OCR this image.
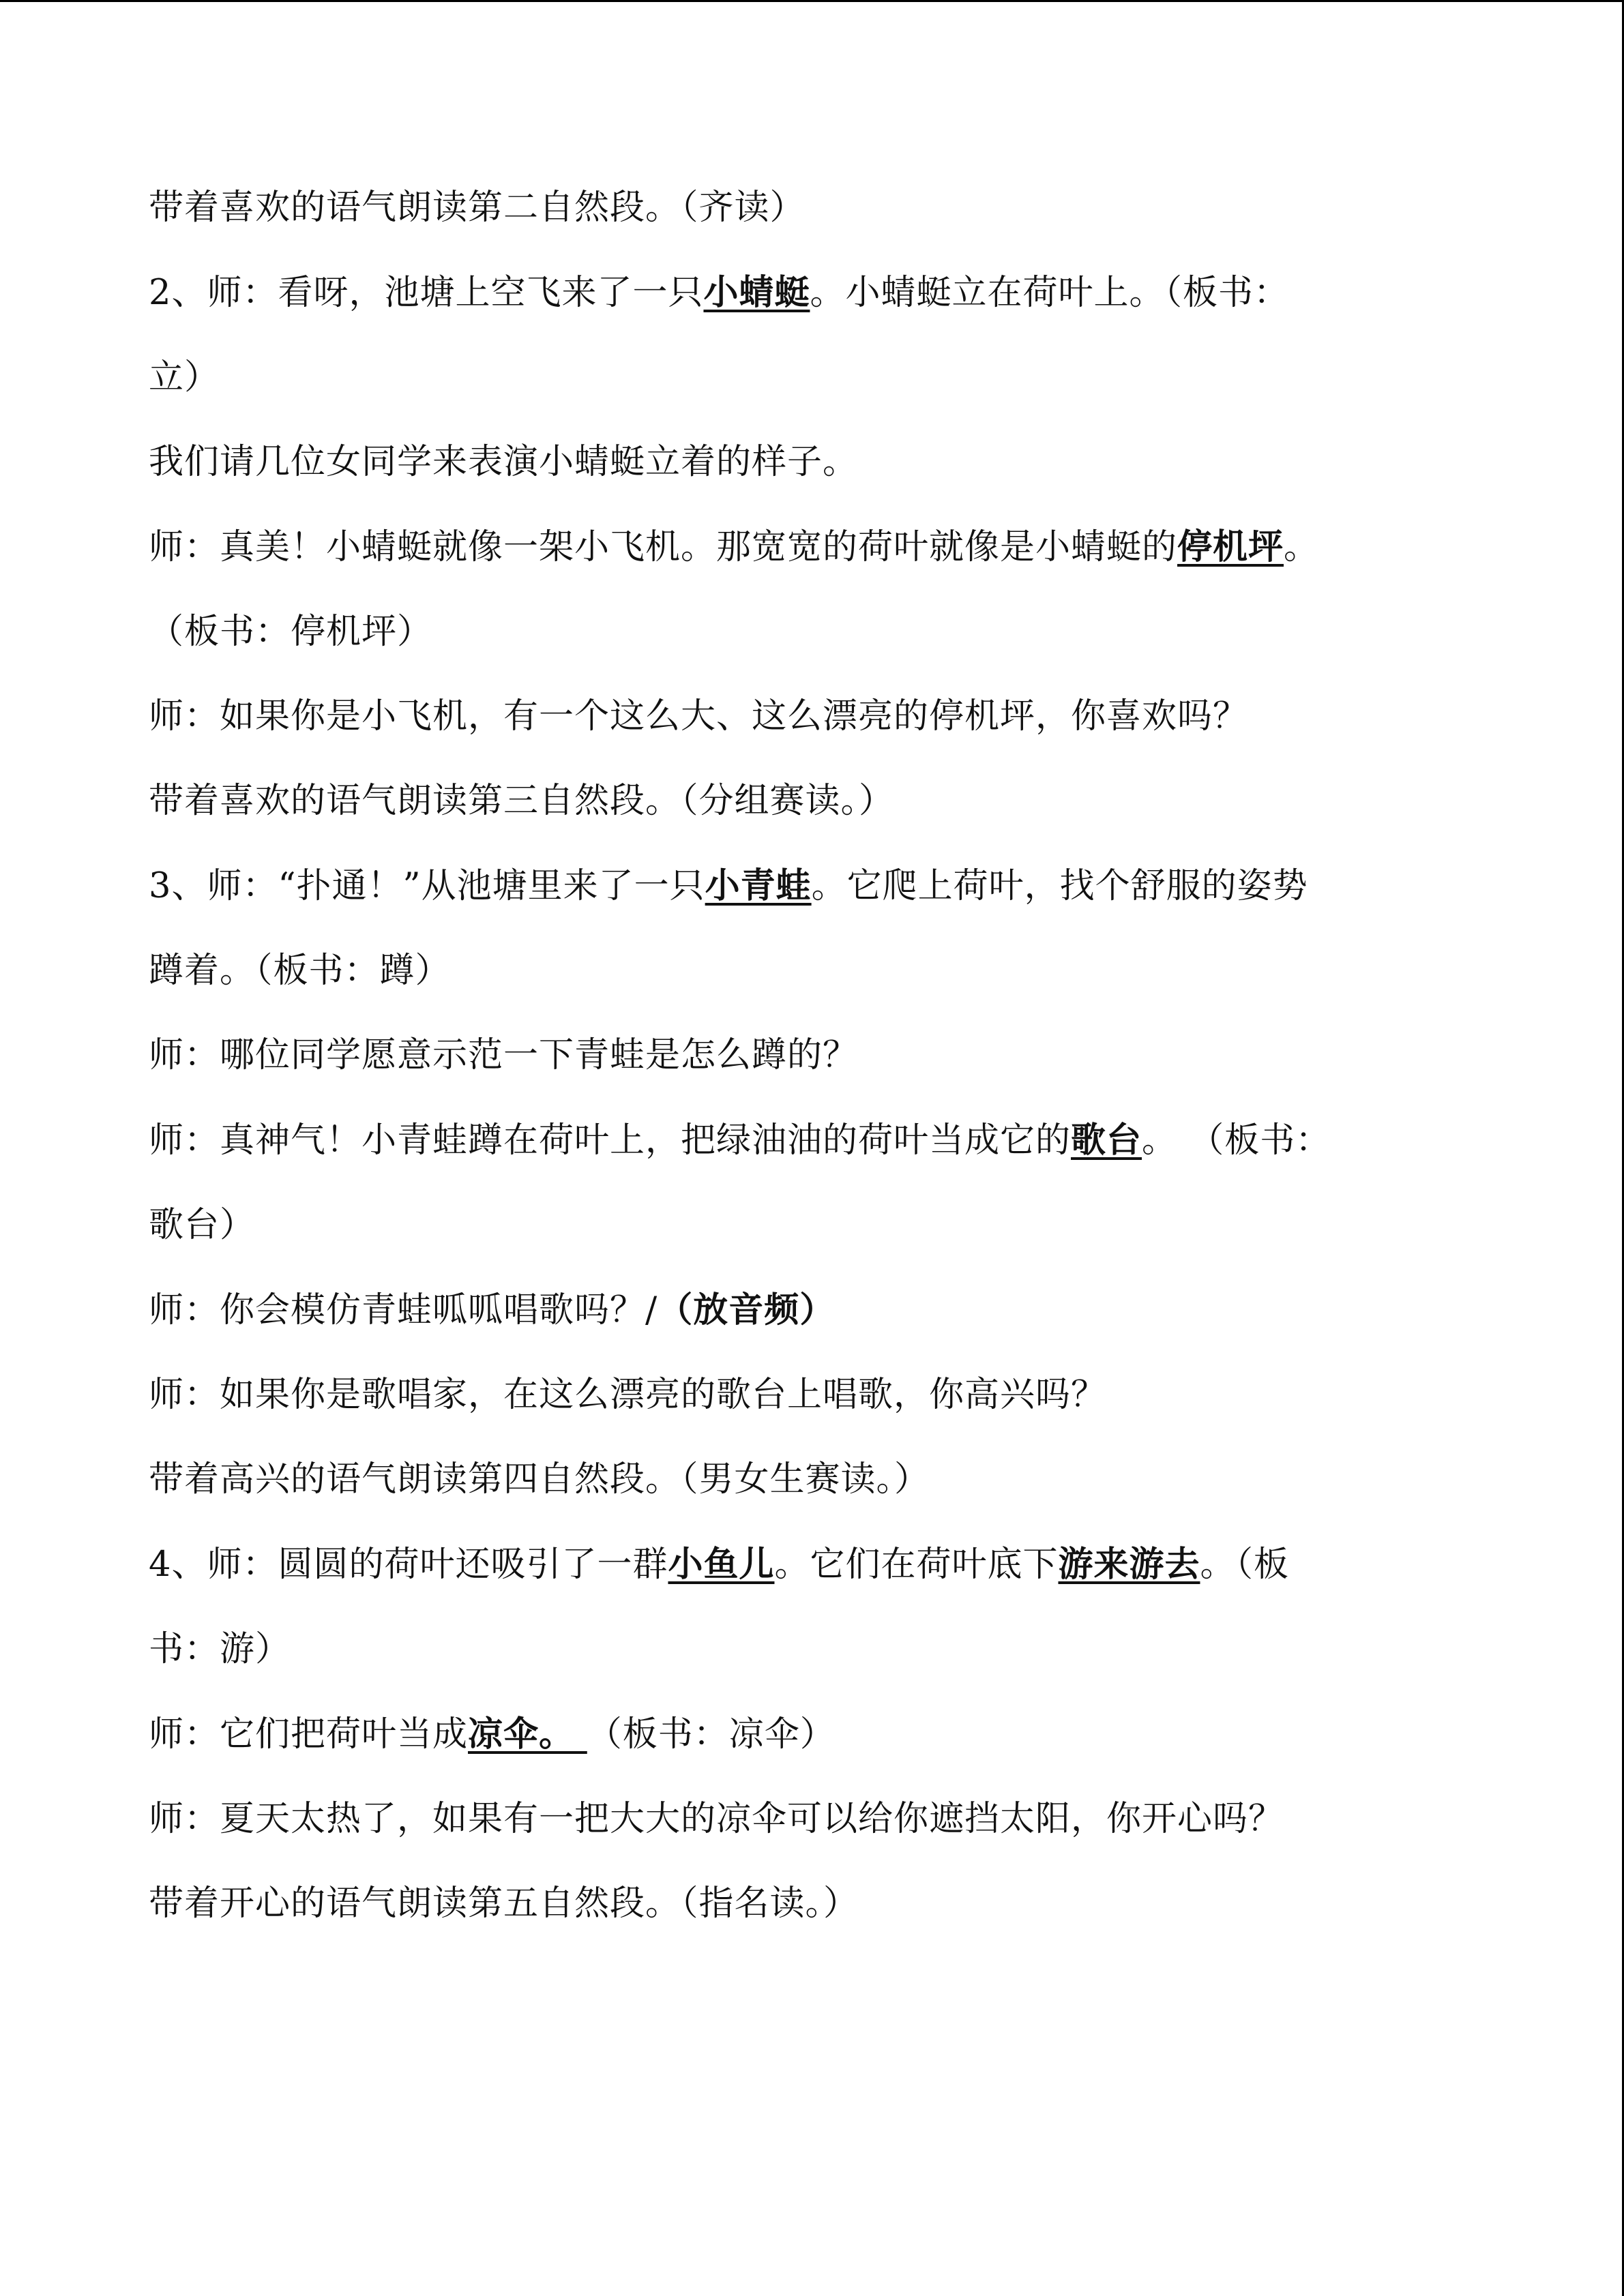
带着喜欢的语气朗读第二自然段。（齐读）

2、师：看呀，池塘上空飞来了一只小蜻蜓。小蜻蜓立在荷叶上。（板书：

立）

我们请几位女同学来表演小蜻蜓立着的样子。

师：真美！小蜻蜓就像一架小飞机。那宽宽的荷叶就像是小蜻蜓的停机坪。

（板书：停机坪）

师：如果你是小飞机，有一个这么大、这么漂亮的停机坪，你喜欢吗？

带着喜欢的语气朗读第三自然段。（分组赛读。）

3、师：“扑通！”从池塘里来了一只小青蛙。它爬上荷叶，找个舒服的姿势

蹲着。（板书：蹲）

师：哪位同学愿意示范一下青蛙是怎么蹲的？

师：真神气！小青蛙蹲在荷叶上，把绿油油的荷叶当成它的歌台。 （板书：

歌台）

师：你会模仿青蛙呱呱唱歌吗？/（放音频）

师：如果你是歌唱家，在这么漂亮的歌台上唱歌，你高兴吗？

带着高兴的语气朗读第四自然段。（男女生赛读。）

4、师：圆圆的荷叶还吸引了一群小鱼儿。它们在荷叶底下游来游去。（板

书：游）

师：它们把荷叶当成凉伞。 （板书：凉伞）

师：夏天太热了，如果有一把大大的凉伞可以给你遮挡太阳，你开心吗？

带着开心的语气朗读第五自然段。（指名读。）
